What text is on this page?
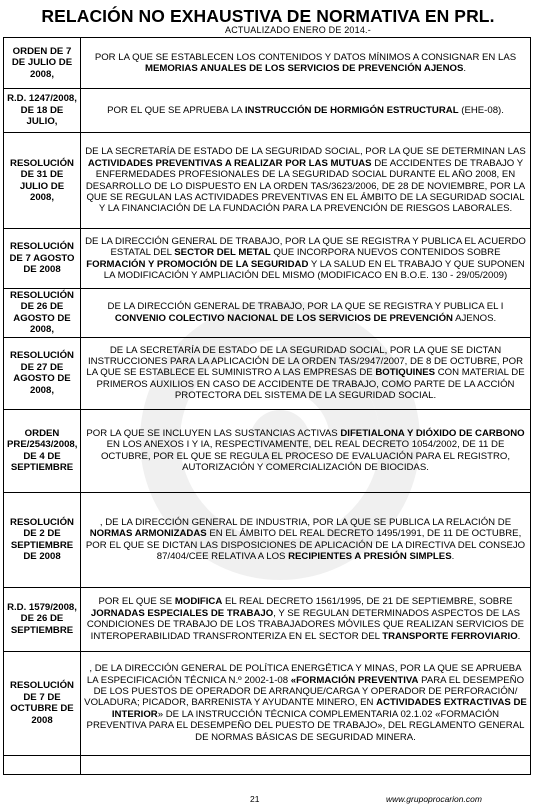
RELACIÓN NO EXHAUSTIVA DE NORMATIVA EN PRL.
ACTUALIZADO ENERO DE 2014.-
ORDEN DE 7 DE JULIO DE 2008,	POR LA QUE SE ESTABLECEN LOS CONTENIDOS Y DATOS MÍNIMOS A CONSIGNAR EN LAS MEMORIAS ANUALES DE LOS SERVICIOS DE PREVENCIÓN AJENOS.
R.D. 1247/2008, DE 18 DE JULIO,	POR EL QUE SE APRUEBA LA INSTRUCCIÓN DE HORMIGÓN ESTRUCTURAL (EHE-08).
RESOLUCIÓN DE 31 DE JULIO DE 2008,	DE LA SECRETARÍA DE ESTADO DE LA SEGURIDAD SOCIAL, POR LA QUE SE DETERMINAN LAS ACTIVIDADES PREVENTIVAS A REALIZAR POR LAS MUTUAS DE ACCIDENTES DE TRABAJO Y ENFERMEDADES PROFESIONALES DE LA SEGURIDAD SOCIAL DURANTE EL AÑO 2008, EN DESARROLLO DE LO DISPUESTO EN LA ORDEN TAS/3623/2006, DE 28 DE NOVIEMBRE, POR LA QUE SE REGULAN LAS ACTIVIDADES PREVENTIVAS EN EL ÁMBITO DE LA SEGURIDAD SOCIAL Y LA FINANCIACIÓN DE LA FUNDACIÓN PARA LA PREVENCIÓN DE RIESGOS LABORALES.
RESOLUCIÓN DE 7 AGOSTO DE 2008	DE LA DIRECCIÓN GENERAL DE TRABAJO, POR LA QUE SE REGISTRA Y PUBLICA EL ACUERDO ESTATAL DEL SECTOR DEL METAL QUE INCORPORA NUEVOS CONTENIDOS SOBRE FORMACIÓN Y PROMOCIÓN DE LA SEGURIDAD Y LA SALUD EN EL TRABAJO Y QUE SUPONEN LA MODIFICACIÓN Y AMPLIACIÓN DEL MISMO (MODIFICACO EN B.O.E. 130 - 29/05/2009)
RESOLUCIÓN DE 26 DE AGOSTO DE 2008,	DE LA DIRECCIÓN GENERAL DE TRABAJO, POR LA QUE SE REGISTRA Y PUBLICA EL I CONVENIO COLECTIVO NACIONAL DE LOS SERVICIOS DE PREVENCIÓN AJENOS.
RESOLUCIÓN DE 27 DE AGOSTO DE 2008,	DE LA SECRETARÍA DE ESTADO DE LA SEGURIDAD SOCIAL, POR LA QUE SE DICTAN INSTRUCCIONES PARA LA APLICACIÓN DE LA ORDEN TAS/2947/2007, DE 8 DE OCTUBRE, POR LA QUE SE ESTABLECE EL SUMINISTRO A LAS EMPRESAS DE BOTIQUINES CON MATERIAL DE PRIMEROS AUXILIOS EN CASO DE ACCIDENTE DE TRABAJO, COMO PARTE DE LA ACCIÓN PROTECTORA DEL SISTEMA DE LA SEGURIDAD SOCIAL.
ORDEN PRE/2543/2008, DE 4 DE SEPTIEMBRE	POR LA QUE SE INCLUYEN LAS SUSTANCIAS ACTIVAS DIFETIALONA Y DIÓXIDO DE CARBONO EN LOS ANEXOS I Y IA, RESPECTIVAMENTE, DEL REAL DECRETO 1054/2002, DE 11 DE OCTUBRE, POR EL QUE SE REGULA EL PROCESO DE EVALUACIÓN PARA EL REGISTRO, AUTORIZACIÓN Y COMERCIALIZACIÓN DE BIOCIDAS.
RESOLUCIÓN DE 2 DE SEPTIEMBRE DE 2008	, DE LA DIRECCIÓN GENERAL DE INDUSTRIA, POR LA QUE SE PUBLICA LA RELACIÓN DE NORMAS ARMONIZADAS EN EL ÁMBITO DEL REAL DECRETO 1495/1991, DE 11 DE OCTUBRE, POR EL QUE SE DICTAN LAS DISPOSICIONES DE APLICACIÓN DE LA DIRECTIVA DEL CONSEJO 87/404/CEE RELATIVA A LOS RECIPIENTES A PRESIÓN SIMPLES.
R.D. 1579/2008, DE 26 DE SEPTIEMBRE	POR EL QUE SE MODIFICA EL REAL DECRETO 1561/1995, DE 21 DE SEPTIEMBRE, SOBRE JORNADAS ESPECIALES DE TRABAJO, Y SE REGULAN DETERMINADOS ASPECTOS DE LAS CONDICIONES DE TRABAJO DE LOS TRABAJADORES MÓVILES QUE REALIZAN SERVICIOS DE INTEROPERABILIDAD TRANSFRONTERIZA EN EL SECTOR DEL TRANSPORTE FERROVIARIO.
RESOLUCIÓN DE 7 DE OCTUBRE DE 2008	, DE LA DIRECCIÓN GENERAL DE POLÍTICA ENERGÉTICA Y MINAS, POR LA QUE SE APRUEBA LA ESPECIFICACIÓN TÉCNICA N.º 2002-1-08 «FORMACIÓN PREVENTIVA PARA EL DESEMPEÑO DE LOS PUESTOS DE OPERADOR DE ARRANQUE/CARGA Y OPERADOR DE PERFORACIÓN/ VOLADURA; PICADOR, BARRENISTA Y AYUDANTE MINERO, EN ACTIVIDADES EXTRACTIVAS DE INTERIOR» DE LA INSTRUCCIÓN TÉCNICA COMPLEMENTARIA 02.1.02 «FORMACIÓN PREVENTIVA PARA EL DESEMPEÑO DEL PUESTO DE TRABAJO», DEL REGLAMENTO GENERAL DE NORMAS BÁSICAS DE SEGURIDAD MINERA.

21	www.grupoprocarion.com
